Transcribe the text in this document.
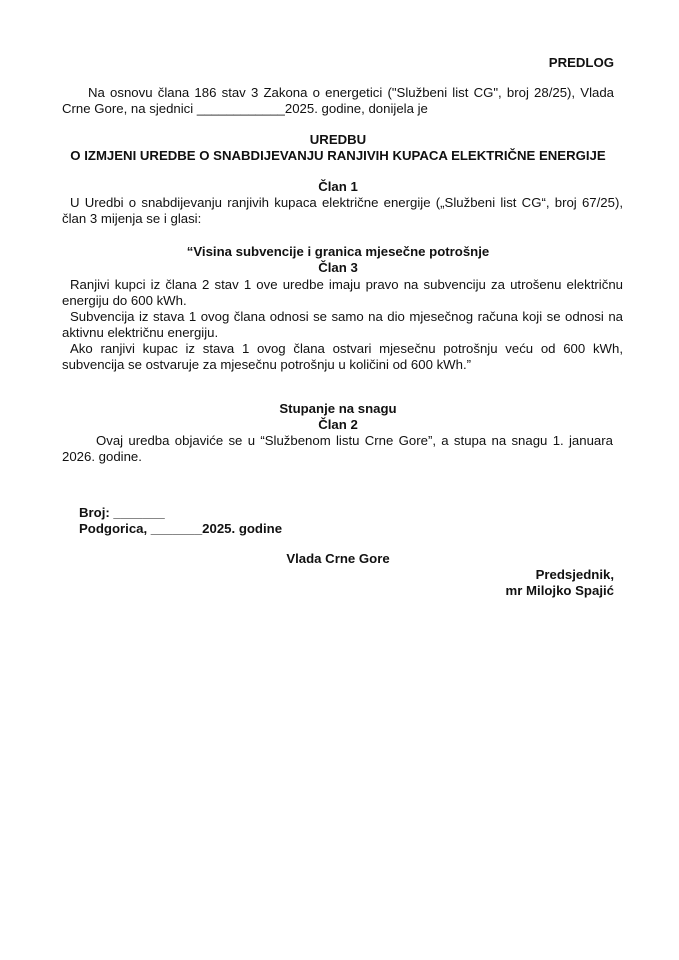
PREDLOG
Na osnovu člana 186 stav 3 Zakona o energetici ("Službeni list CG", broj 28/25), Vlada
Crne Gore, na sjednici ____________2025. godine, donijela je
UREDBU
O IZMJENI UREDBE O SNABDIJEVANJU RANJIVIH KUPACA ELEKTRIČNE ENERGIJE
Član 1
U Uredbi o snabdijevanju ranjivih kupaca električne energije („Službeni list CG“, broj 67/25),
član 3 mijenja se i glasi:
“Visina subvencije i granica mjesečne potrošnje
Član 3
Ranjivi kupci iz člana 2 stav 1 ove uredbe imaju pravo na subvenciju za utrošenu električnu
energiju do 600 kWh.
Subvencija iz stava 1 ovog člana odnosi se samo na dio mjesečnog računa koji se odnosi na
aktivnu električnu energiju.
Ako ranjivi kupac iz stava 1 ovog člana ostvari mjesečnu potrošnju veću od 600 kWh,
subvencija se ostvaruje za mjesečnu potrošnju u količini od 600 kWh.”
Stupanje na snagu
Član 2
Ovaj uredba objaviće se u “Službenom listu Crne Gore”, a stupa na snagu 1. januara
2026. godine.
Broj: _______
Podgorica, _______2025. godine
Vlada Crne Gore
Predsjednik,
mr Milojko Spajić
